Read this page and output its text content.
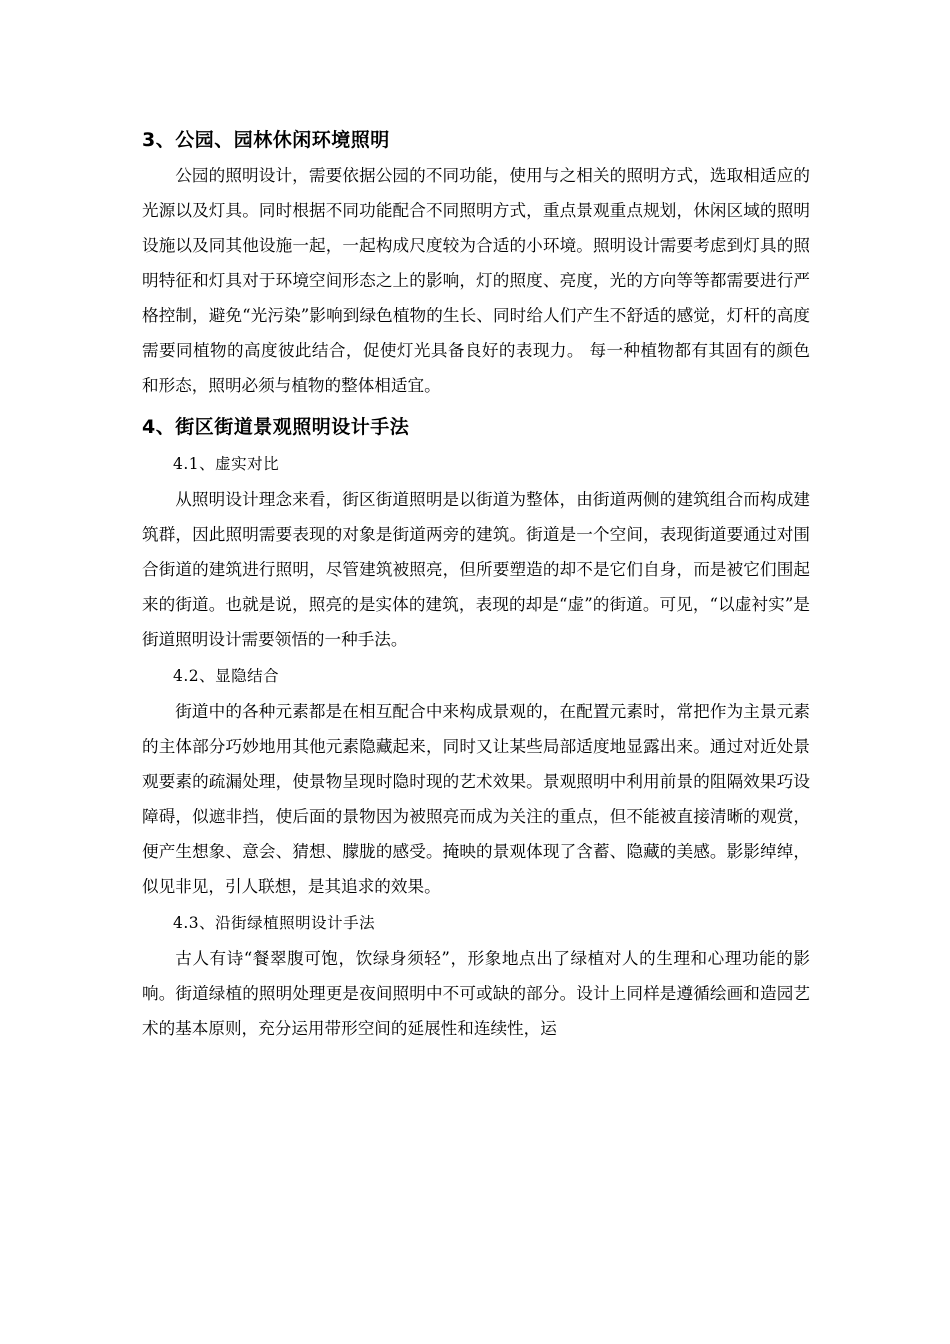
3、公园、园林休闲环境照明

公园的照明设计，需要依据公园的不同功能，使用与之相关的照明方式，选取相适应的光源以及灯具。同时根据不同功能配合不同照明方式，重点景观重点规划，休闲区域的照明设施以及同其他设施一起，一起构成尺度较为合适的小环境。照明设计需要考虑到灯具的照明特征和灯具对于环境空间形态之上的影响，灯的照度、亮度，光的方向等等都需要进行严格控制，避免“光污染”影响到绿色植物的生长、同时给人们产生不舒适的感觉，灯杆的高度需要同植物的高度彼此结合，促使灯光具备良好的表现力。 每一种植物都有其固有的颜色和形态，照明必须与植物的整体相适宜。

4、街区街道景观照明设计手法
4.1、虚实对比

从照明设计理念来看，街区街道照明是以街道为整体，由街道两侧的建筑组合而构成建筑群，因此照明需要表现的对象是街道两旁的建筑。街道是一个空间，表现街道要通过对围合街道的建筑进行照明，尽管建筑被照亮，但所要塑造的却不是它们自身，而是被它们围起来的街道。也就是说，照亮的是实体的建筑，表现的却是“虚”的街道。可见，“以虚衬实”是街道照明设计需要领悟的一种手法。

4.2、显隐结合

街道中的各种元素都是在相互配合中来构成景观的，在配置元素时，常把作为主景元素的主体部分巧妙地用其他元素隐藏起来，同时又让某些局部适度地显露出来。通过对近处景观要素的疏漏处理，使景物呈现时隐时现的艺术效果。景观照明中利用前景的阻隔效果巧设障碍，似遮非挡，使后面的景物因为被照亮而成为关注的重点，但不能被直接清晰的观赏，便产生想象、意会、猜想、朦胧的感受。掩映的景观体现了含蓄、隐藏的美感。影影绰绰，似见非见，引人联想，是其追求的效果。

4.3、沿街绿植照明设计手法

古人有诗“餐翠腹可饱，饮绿身须轻”，形象地点出了绿植对人的生理和心理功能的影响。街道绿植的照明处理更是夜间照明中不可或缺的部分。设计上同样是遵循绘画和造园艺术的基本原则，充分运用带形空间的延展性和连续性，运
